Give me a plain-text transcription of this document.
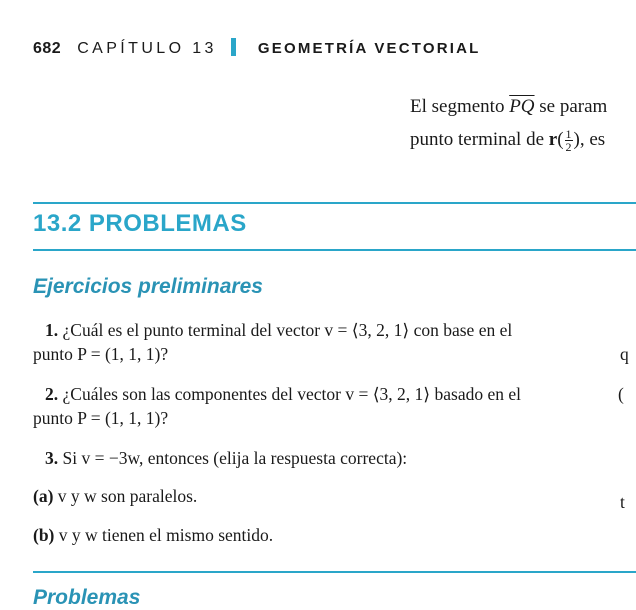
682 CAPÍTULO 13	GEOMETRÍA VECTORIAL
El segmento $\overline{PQ}$ se param
punto terminal de $r( \frac{1}{2}$ ), es
13.2 PROBLEMAS
Ejercicios preliminares
1. ¿Cuál es el punto terminal del vector v = ⟨3, 2, 1⟩ con base en el
punto P = (1, 1, 1)?
2. ¿Cuáles son las componentes del vector v = ⟨3, 2, 1⟩ basado en el
punto P = (1, 1, 1)?
3. Si v = −3w, entonces (elija la respuesta correcta):
(a) v y w son paralelos.
(b) v y w tienen el mismo sentido.
q
(
t
Problemas
